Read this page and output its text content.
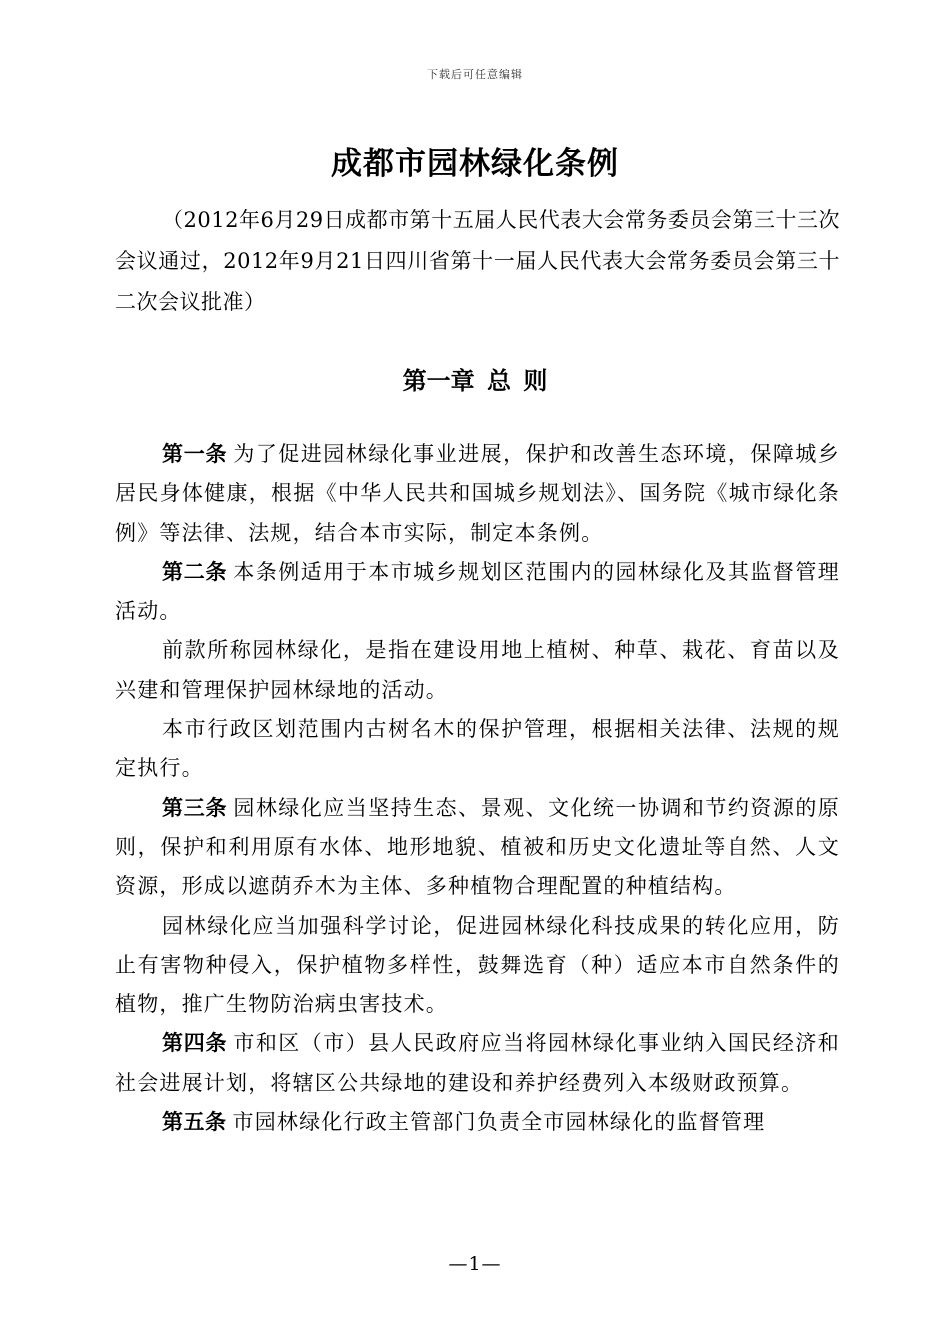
下载后可任意编辑
成都市园林绿化条例

（2012年6月29日成都市第十五届人民代表大会常务委员会第三十三次会议通过，2012年9月21日四川省第十一届人民代表大会常务委员会第三十二次会议批准）

第一章 总 则

第一条 为了促进园林绿化事业进展，保护和改善生态环境，保障城乡居民身体健康，根据《中华人民共和国城乡规划法》、国务院《城市绿化条例》等法律、法规，结合本市实际，制定本条例。

第二条 本条例适用于本市城乡规划区范围内的园林绿化及其监督管理活动。

前款所称园林绿化，是指在建设用地上植树、种草、栽花、育苗以及兴建和管理保护园林绿地的活动。

本市行政区划范围内古树名木的保护管理，根据相关法律、法规的规定执行。

第三条 园林绿化应当坚持生态、景观、文化统一协调和节约资源的原则，保护和利用原有水体、地形地貌、植被和历史文化遗址等自然、人文资源，形成以遮荫乔木为主体、多种植物合理配置的种植结构。

园林绿化应当加强科学讨论，促进园林绿化科技成果的转化应用，防止有害物种侵入，保护植物多样性，鼓舞选育（种）适应本市自然条件的植物，推广生物防治病虫害技术。

第四条 市和区（市）县人民政府应当将园林绿化事业纳入国民经济和社会进展计划，将辖区公共绿地的建设和养护经费列入本级财政预算。

第五条 市园林绿化行政主管部门负责全市园林绿化的监督管理

—1—
